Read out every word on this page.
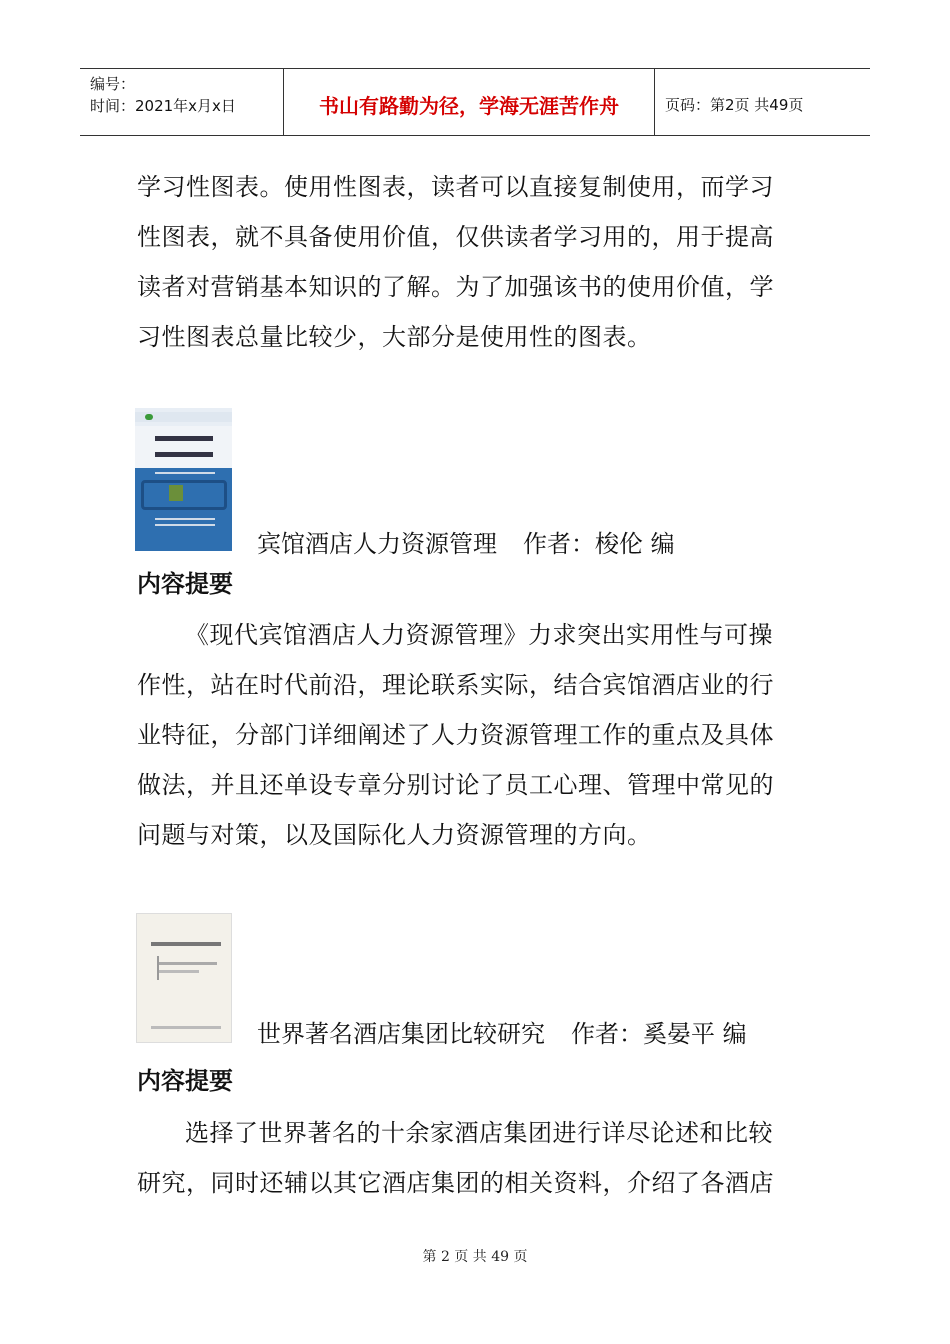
编号：
时间：2021年x月x日	书山有路勤为径，学海无涯苦作舟	页码：第2页 共49页
学习性图表。使用性图表，读者可以直接复制使用，而学习
性图表，就不具备使用价值，仅供读者学习用的，用于提高
读者对营销基本知识的了解。为了加强该书的使用价值，学
习性图表总量比较少，大部分是使用性的图表。
宾馆酒店人力资源管理 作者：梭伦 编
内容提要
《现代宾馆酒店人力资源管理》力求突出实用性与可操
作性，站在时代前沿，理论联系实际，结合宾馆酒店业的行
业特征，分部门详细阐述了人力资源管理工作的重点及具体
做法，并且还单设专章分别讨论了员工心理、管理中常见的
问题与对策，以及国际化人力资源管理的方向。
世界著名酒店集团比较研究 作者：奚晏平 编
内容提要
选择了世界著名的十余家酒店集团进行详尽论述和比较
研究，同时还辅以其它酒店集团的相关资料，介绍了各酒店
第 2 页 共 49 页
